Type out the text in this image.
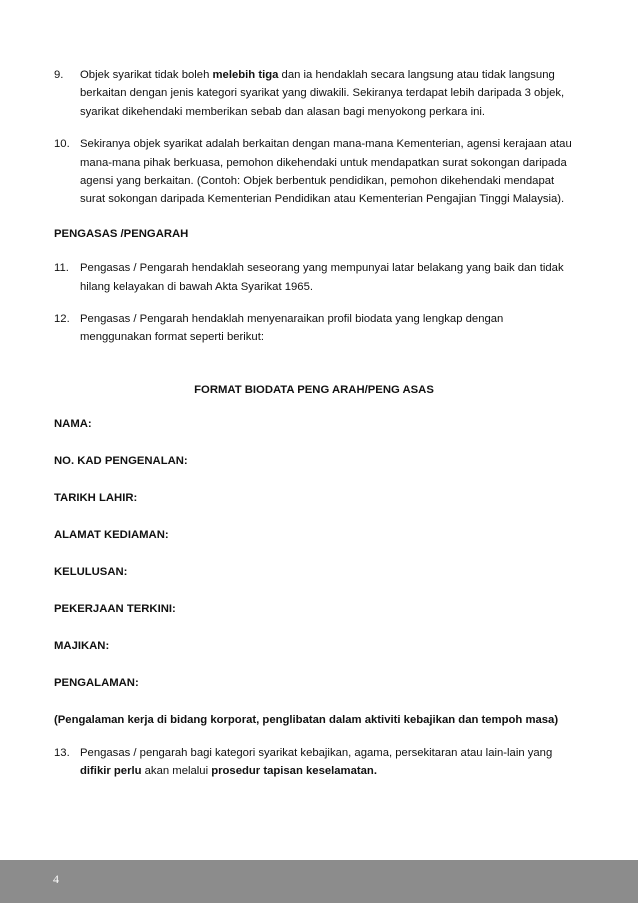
9. Objek syarikat tidak boleh melebih tiga dan ia hendaklah secara langsung atau tidak langsung berkaitan dengan jenis kategori syarikat yang diwakili. Sekiranya terdapat lebih daripada 3 objek, syarikat dikehendaki memberikan sebab dan alasan bagi menyokong perkara ini.
10. Sekiranya objek syarikat adalah berkaitan dengan mana-mana Kementerian, agensi kerajaan atau mana-mana pihak berkuasa, pemohon dikehendaki untuk mendapatkan surat sokongan daripada agensi yang berkaitan. (Contoh: Objek berbentuk pendidikan, pemohon dikehendaki mendapat surat sokongan daripada Kementerian Pendidikan atau Kementerian Pengajian Tinggi Malaysia).
PENGASAS /PENGARAH
11. Pengasas / Pengarah hendaklah seseorang yang mempunyai latar belakang yang baik dan tidak hilang kelayakan di bawah Akta Syarikat 1965.
12. Pengasas / Pengarah hendaklah menyenaraikan profil biodata yang lengkap dengan menggunakan format seperti berikut:
FORMAT BIODATA PENG ARAH/PENG ASAS
NAMA:
NO. KAD PENGENALAN:
TARIKH LAHIR:
ALAMAT KEDIAMAN:
KELULUSAN:
PEKERJAAN TERKINI:
MAJIKAN:
PENGALAMAN:
(Pengalaman kerja di bidang korporat, penglibatan dalam aktiviti kebajikan dan tempoh masa)
13. Pengasas / pengarah bagi kategori syarikat kebajikan, agama, persekitaran atau lain-lain yang difikir perlu akan melalui prosedur tapisan keselamatan.
4
